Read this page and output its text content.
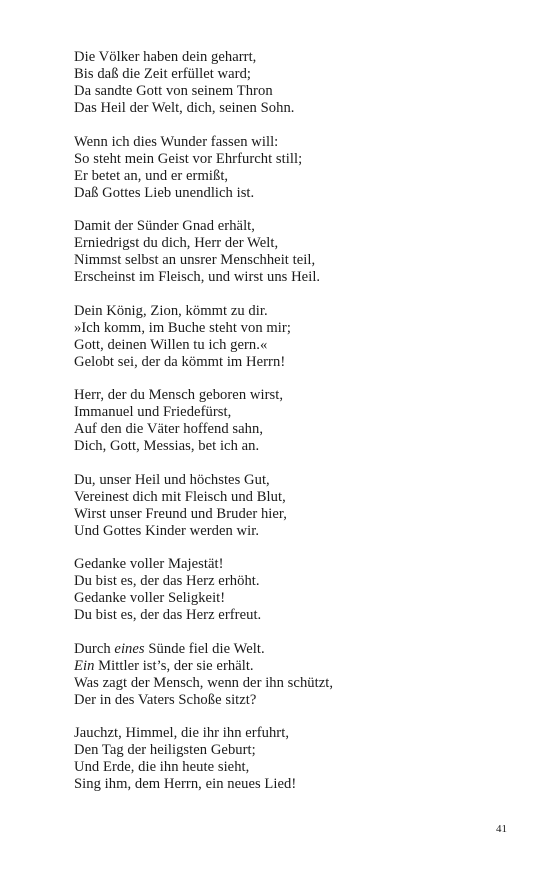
Die Völker haben dein geharrt,
Bis daß die Zeit erfüllet ward;
Da sandte Gott von seinem Thron
Das Heil der Welt, dich, seinen Sohn.
Wenn ich dies Wunder fassen will:
So steht mein Geist vor Ehrfurcht still;
Er betet an, und er ermißt,
Daß Gottes Lieb unendlich ist.
Damit der Sünder Gnad erhält,
Erniedrigst du dich, Herr der Welt,
Nimmst selbst an unsrer Menschheit teil,
Erscheinst im Fleisch, und wirst uns Heil.
Dein König, Zion, kömmt zu dir.
»Ich komm, im Buche steht von mir;
Gott, deinen Willen tu ich gern.«
Gelobt sei, der da kömmt im Herrn!
Herr, der du Mensch geboren wirst,
Immanuel und Friedefürst,
Auf den die Väter hoffend sahn,
Dich, Gott, Messias, bet ich an.
Du, unser Heil und höchstes Gut,
Vereinest dich mit Fleisch und Blut,
Wirst unser Freund und Bruder hier,
Und Gottes Kinder werden wir.
Gedanke voller Majestät!
Du bist es, der das Herz erhöht.
Gedanke voller Seligkeit!
Du bist es, der das Herz erfreut.
Durch eines Sünde fiel die Welt.
Ein Mittler ist’s, der sie erhält.
Was zagt der Mensch, wenn der ihn schützt,
Der in des Vaters Schoße sitzt?
Jauchzt, Himmel, die ihr ihn erfuhrt,
Den Tag der heiligsten Geburt;
Und Erde, die ihn heute sieht,
Sing ihm, dem Herrn, ein neues Lied!
41
